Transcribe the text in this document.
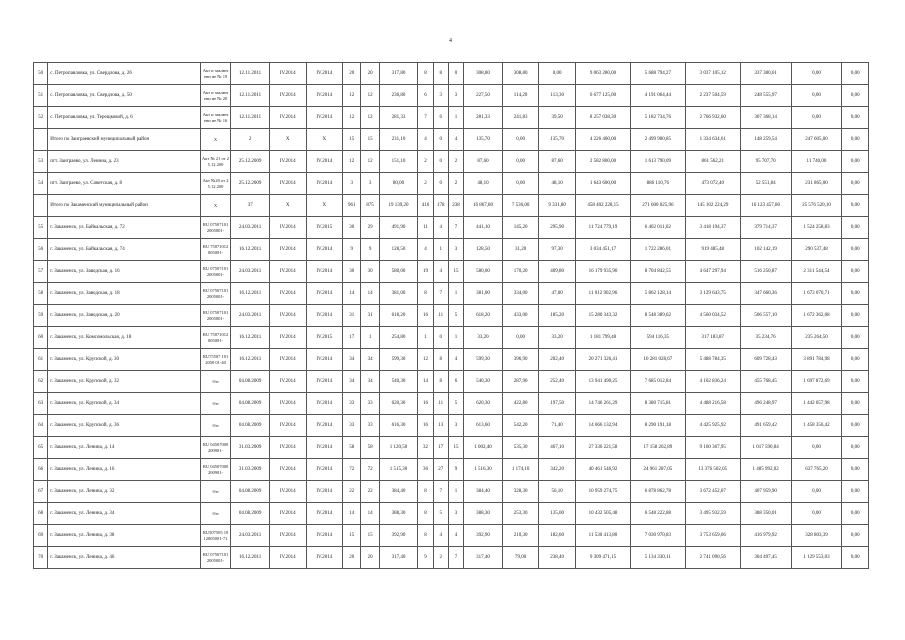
4
50	с. Петропавловка, ул. Свердлова, д. 26	Акт и заключени ие № 19	12.11.2011	IV.2014	IV.2014	20	20	317,80	8	8	0	308,80	308,80	0,00	9 063 280,00	5 688 794,27	3 037 105,12	337 380,61	0,00	0,00
51	с. Петропавловка, ул. Свердлова, д. 50	Акт и заключени ие № 20	12.11.2011	IV.2014	IV.2014	12	12	236,80	6	3	3	227,50	114,20	113,30	6 677 125,00	4 191 064,44	2 237 504,59	248 555,97	0,00	0,00
52	с. Петропавловка, ул. Терещковой, д. 6	Акт и заключени ие № 16	12.11.2011	IV.2014	IV.2014	12	12	281,33	7	6	1	281,33	241,83	39,50	8 257 038,30	5 182 734,76	2 766 932,60	307 368,14	0,00	0,00
	Итого по Заиграевский муниципальный район	X	2	X	X	15	15	231,10	4	0	4	135,70	0,00	135,70	4 226 400,00	2 499 900,85	1 334 634,61	148 259,54	247 605,00	0,00
53	пгт. Заиграево, ул. Ленина, д. 23	Акт № 21 от 25.12.200	25.12.2009	IV.2014	IV.2014	12	12	151,10	2	0	2	87,60	0,00	87,60	2 582 800,00	1 613 790,09	861 562,21	95 707,70	11 740,00	0,00
54	пгт. Заиграево, ул. Советская, д. 8	Акт №20 от 25.12.200	25.12.2009	IV.2014	IV.2014	3	3	80,00	2	0	2	48,10	0,00	48,10	1 643 600,00	886 110,76	473 072,40	52 551,84	231 865,00	0,00
	Итого по Закаменский муниципальный район	X	37	X	X	961	875	19 139,20	416	178	238	16 867,80	7 536,00	9 331,80	458 402 228,15	271 600 025,96	145 102 224,29	16 123 457,80	25 576 520,10	0,00
55	г. Закаменск, ул. Байкальская, д. 72	RU 07507101 2005001-	24.03.2011	IV.2014	IV.2015	30	29	491,90	11	4	7	441,10	145,20	295,90	11 724 779,19	6 402 011,62	3 418 194,37	379 714,37	1 524 258,83	0,00
56	г. Закаменск, ул. Байкальская, д. 74	RU 75071012 005001-	16.12.2011	IV.2014	IV.2014	9	9	128,50	4	1	3	128,50	31,20	97,30	3 034 451,17	1 722 286,01	919 485,48	102 142,19	290 537,48	0,00
57	г. Закаменск, ул. Заводская, д. 16	RU 07507101 2005001-	24.03.2011	IV.2014	IV.2014	30	30	580,00	19	4	15	580,00	170,20	409,80	16 179 935,90	8 704 842,55	4 647 297,94	516 250,87	2 311 544,54	0,00
58	г. Закаменск, ул. Заводская, д. 18	RU 07507101 2005001-	16.12.2011	IV.2014	IV.2014	14	14	381,00	8	7	1	381,00	334,00	47,00	11 012 902,96	5 862 128,14	3 129 643,75	347 660,36	1 673 070,71	0,00
59	г. Закаменск, ул. Заводская, д. 20	RU 07507101 2005001-	24.03.2011	IV.2014	IV.2014	31	31	618,20	16	11	5	618,20	433,00	185,20	15 280 343,32	8 548 389,62	4 560 034,52	506 557,10	1 672 362,08	0,00
60	г. Закаменск, ул. Комсомольская, д. 18	RU 75071012 005001-	16.12.2011	IV.2014	IV.2015	17	1	254,80	1	0	1	33,20	0,00	33,20	1 181 799,48	594 116,35	317 183,87	35 234,76	235 264,50	0,00
61	г. Закаменск, ул. Крупской, д. 30	RU75507 1012050 01-40	16.12.2011	IV.2014	IV.2014	34	34	599,30	12	8	4	599,30	396,90	202,40	20 271 326,41	10 281 028,67	5 488 784,35	609 728,43	3 891 784,98	0,00
62	г. Закаменск, ул. Крупской, д. 32	б/н	04.08.2009	IV.2014	IV.2014	34	34	540,30	14	8	6	540,30	287,90	252,40	13 941 490,25	7 685 012,84	4 102 836,24	455 768,45	1 697 872,69	0,00
63	г. Закаменск, ул. Крупской, д. 34	б/н	04.08.2009	IV.2014	IV.2014	33	33	620,30	16	11	5	620,30	422,80	197,50	14 746 261,29	8 380 715,81	4 488 216,58	496 248,97	1 442 057,98	0,00
64	г. Закаменск, ул. Крупской, д. 36	б/н	04.08.2009	IV.2014	IV.2014	33	33	616,30	16	13	3	613,60	542,20	71,40	14 666 132,94	8 290 191,18	4 425 925,92	491 659,42	1 458 356,42	0,00
65	г. Закаменск, ул. Ленина, д. 14	RU 04507000 200901-	31.03.2009	IV.2014	IV.2014	58	58	1 120,50	32	17	15	1 002,40	535,30	467,10	27 336 221,58	17 158 262,89	9 160 367,95	1 017 590,84	0,00	0,00
66	г. Закаменск, ул. Ленина, д. 16	RU 04507000 200901-	31.03.2009	IV.2014	IV.2014	72	72	1 515,30	36	27	9	1 516,30	1 174,10	342,20	40 461 546,92	24 961 287,05	13 376 502,05	1 485 992,02	637 765,20	0,00
67	г. Закаменск, ул. Ленина, д. 32	б/н	04.08.2009	IV.2014	IV.2014	22	22	384,40	8	7	1	384,40	328,30	56,10	10 959 274,75	6 878 862,78	3 672 452,07	407 959,90	0,00	0,00
68	г. Закаменск, ул. Ленина, д. 34	б/н	04.08.2009	IV.2014	IV.2014	14	14	388,30	8	5	3	388,30	253,30	135,00	10 432 505,48	6 548 222,88	3 495 932,59	388 350,01	0,00	0,00
69	г. Закаменск, ул. Ленина, д. 38	RU507505 1012005001-71	24.03.2011	IV.2014	IV.2014	15	15	392,90	8	4	4	392,90	210,30	182,60	11 530 413,80	7 030 970,83	3 753 659,66	416 979,92	328 803,39	0,00
70	г. Закаменск, ул. Ленина, д. 46	RU 07507101 2005001-	16.12.2011	IV.2014	IV.2014	20	20	317,40	9	2	7	317,40	79,00	238,40	9 309 471,15	5 134 330,11	2 741 090,56	304 497,45	1 129 553,03	0,00
